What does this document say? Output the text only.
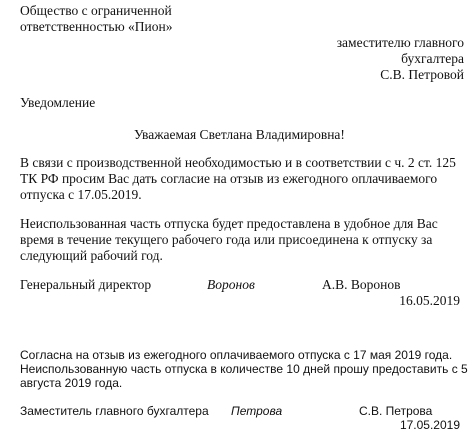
Общество с ограниченной
ответственностью «Пион»
заместителю главного
бухгалтера
С.В. Петровой
Уведомление
Уважаемая Светлана Владимировна!
В связи с производственной необходимостью и в соответствии с ч. 2 ст. 125
ТК РФ просим Вас дать согласие на отзыв из ежегодного оплачиваемого
отпуска с 17.05.2019.
Неиспользованная часть отпуска будет предоставлена в удобное для Вас
время в течение текущего рабочего года или присоединена к отпуску за
следующий рабочий год.
Генеральный директор	Воронов	А.В. Воронов
16.05.2019
Согласна на отзыв из ежегодного оплачиваемого отпуска с 17 мая 2019 года.
Неиспользованную часть отпуска в количестве 10 дней прошу предоставить с 5
августа 2019 года.
Заместитель главного бухгалтера Петрова	С.В. Петрова
17.05.2019
